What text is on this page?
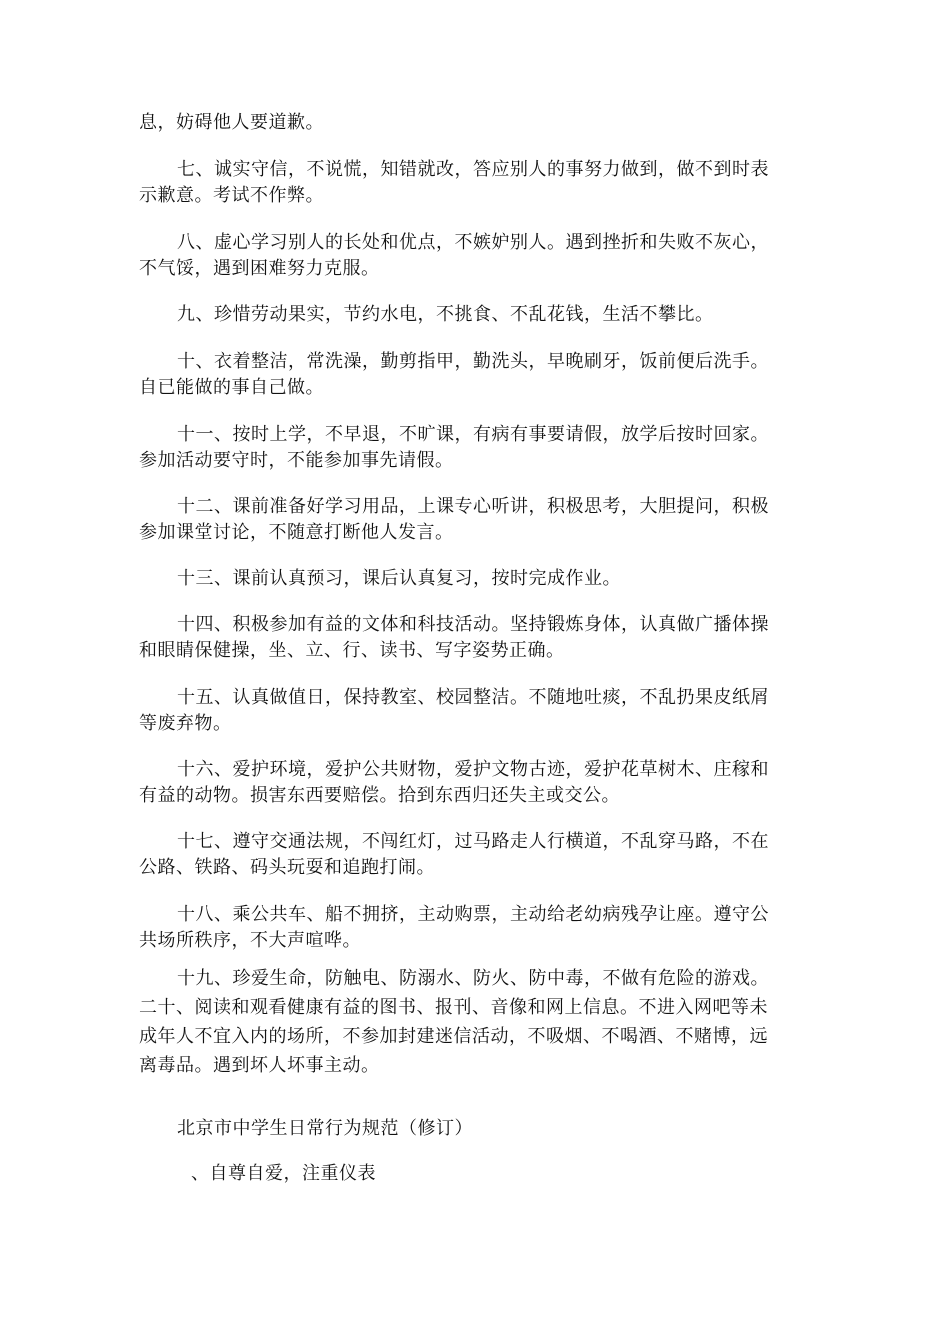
息，妨碍他人要道歉。

七、诚实守信，不说慌，知错就改，答应别人的事努力做到，做不到时表
示歉意。考试不作弊。

八、虚心学习别人的长处和优点，不嫉妒别人。遇到挫折和失败不灰心，
不气馁，遇到困难努力克服。

九、珍惜劳动果实，节约水电，不挑食、不乱花钱，生活不攀比。

十、衣着整洁，常洗澡，勤剪指甲，勤洗头，早晚刷牙，饭前便后洗手。
自已能做的事自己做。

十一、按时上学，不早退，不旷课，有病有事要请假，放学后按时回家。
参加活动要守时，不能参加事先请假。

十二、课前准备好学习用品，上课专心听讲，积极思考，大胆提问，积极
参加课堂讨论，不随意打断他人发言。

十三、课前认真预习，课后认真复习，按时完成作业。

十四、积极参加有益的文体和科技活动。坚持锻炼身体，认真做广播体操
和眼睛保健操，坐、立、行、读书、写字姿势正确。

十五、认真做值日，保持教室、校园整洁。不随地吐痰，不乱扔果皮纸屑
等废弃物。

十六、爱护环境，爱护公共财物，爱护文物古迹，爱护花草树木、庄稼和
有益的动物。损害东西要赔偿。拾到东西归还失主或交公。

十七、遵守交通法规，不闯红灯，过马路走人行横道，不乱穿马路，不在
公路、铁路、码头玩耍和追跑打闹。

十八、乘公共车、船不拥挤，主动购票，主动给老幼病残孕让座。遵守公
共场所秩序，不大声喧哗。

十九、珍爱生命，防触电、防溺水、防火、防中毒，不做有危险的游戏。
二十、阅读和观看健康有益的图书、报刊、音像和网上信息。不进入网吧等未
成年人不宜入内的场所，不参加封建迷信活动，不吸烟、不喝酒、不赌博，远
离毒品。遇到坏人坏事主动。

北京市中学生日常行为规范（修订）

、自尊自爱，注重仪表
